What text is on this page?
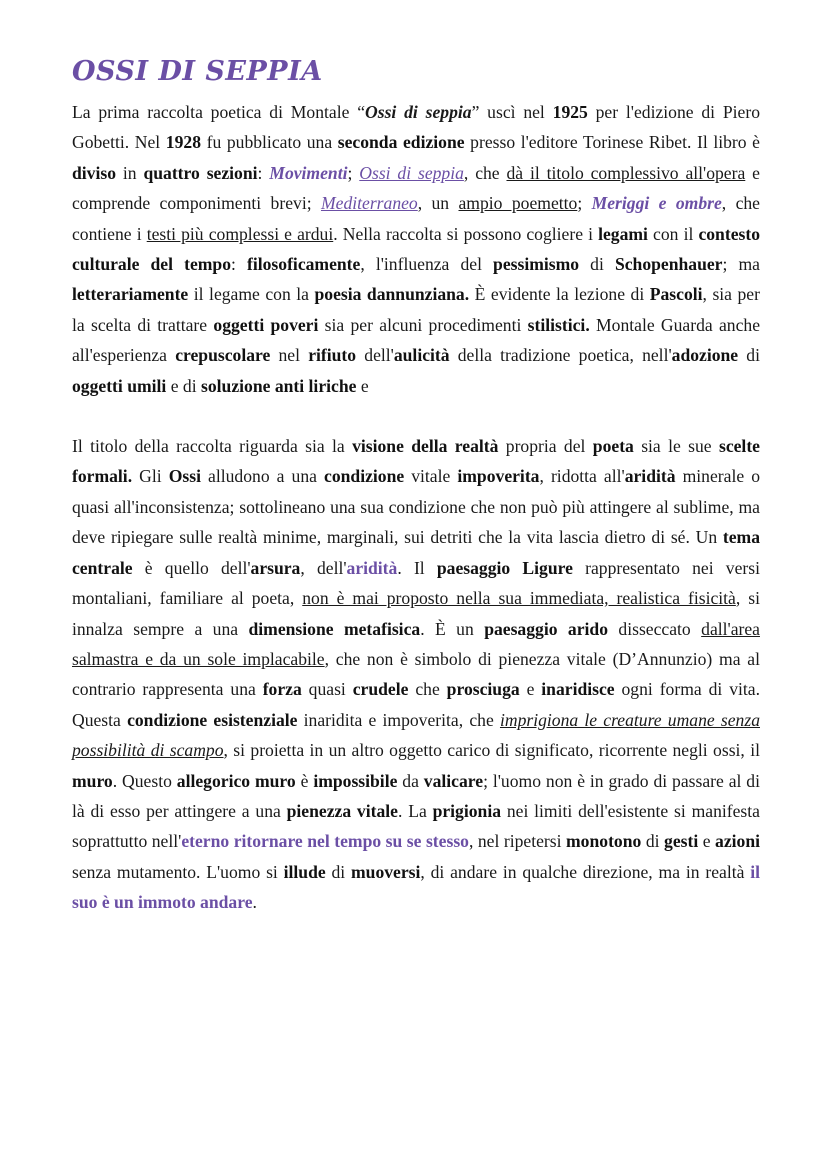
OSSI DI SEPPIA

La prima raccolta poetica di Montale “Ossi di seppia” uscì nel 1925 per l'edizione di Piero Gobetti. Nel 1928 fu pubblicato una seconda edizione presso l'editore Torinese Ribet. Il libro è diviso in quattro sezioni: Movimenti; Ossi di seppia, che dà il titolo complessivo all'opera e comprende componimenti brevi; Mediterraneo, un ampio poemetto; Meriggi e ombre, che contiene i testi più complessi e ardui. Nella raccolta si possono cogliere i legami con il contesto culturale del tempo: filosoficamente, l'influenza del pessimismo di Schopenhauer; ma letterariamente il legame con la poesia dannunziana. È evidente la lezione di Pascoli, sia per la scelta di trattare oggetti poveri sia per alcuni procedimenti stilistici. Montale Guarda anche all'esperienza crepuscolare nel rifiuto dell'aulicità della tradizione poetica, nell'adozione di oggetti umili e di soluzione anti liriche e

Il titolo della raccolta riguarda sia la visione della realtà propria del poeta sia le sue scelte formali. Gli Ossi alludono a una condizione vitale impoverita, ridotta all'aridità minerale o quasi all'inconsistenza; sottolineano una sua condizione che non può più attingere al sublime, ma deve ripiegare sulle realtà minime, marginali, sui detriti che la vita lascia dietro di sé. Un tema centrale è quello dell'arsura, dell'aridità. Il paesaggio Ligure rappresentato nei versi montaliani, familiare al poeta, non è mai proposto nella sua immediata, realistica fisicità, si innalza sempre a una dimensione metafisica. È un paesaggio arido disseccato dall'area salmastra e da un sole implacabile, che non è simbolo di pienezza vitale (D’Annunzio) ma al contrario rappresenta una forza quasi crudele che prosciuga e inaridisce ogni forma di vita. Questa condizione esistenziale inaridita e impoverita, che imprigiona le creature umane senza possibilità di scampo, si proietta in un altro oggetto carico di significato, ricorrente negli ossi, il muro. Questo allegorico muro è impossibile da valicare; l'uomo non è in grado di passare al di là di esso per attingere a una pienezza vitale. La prigionia nei limiti dell'esistente si manifesta soprattutto nell'eterno ritornare nel tempo su se stesso, nel ripetersi monotono di gesti e azioni senza mutamento. L'uomo si illude di muoversi, di andare in qualche direzione, ma in realtà il suo è un immoto andare.
